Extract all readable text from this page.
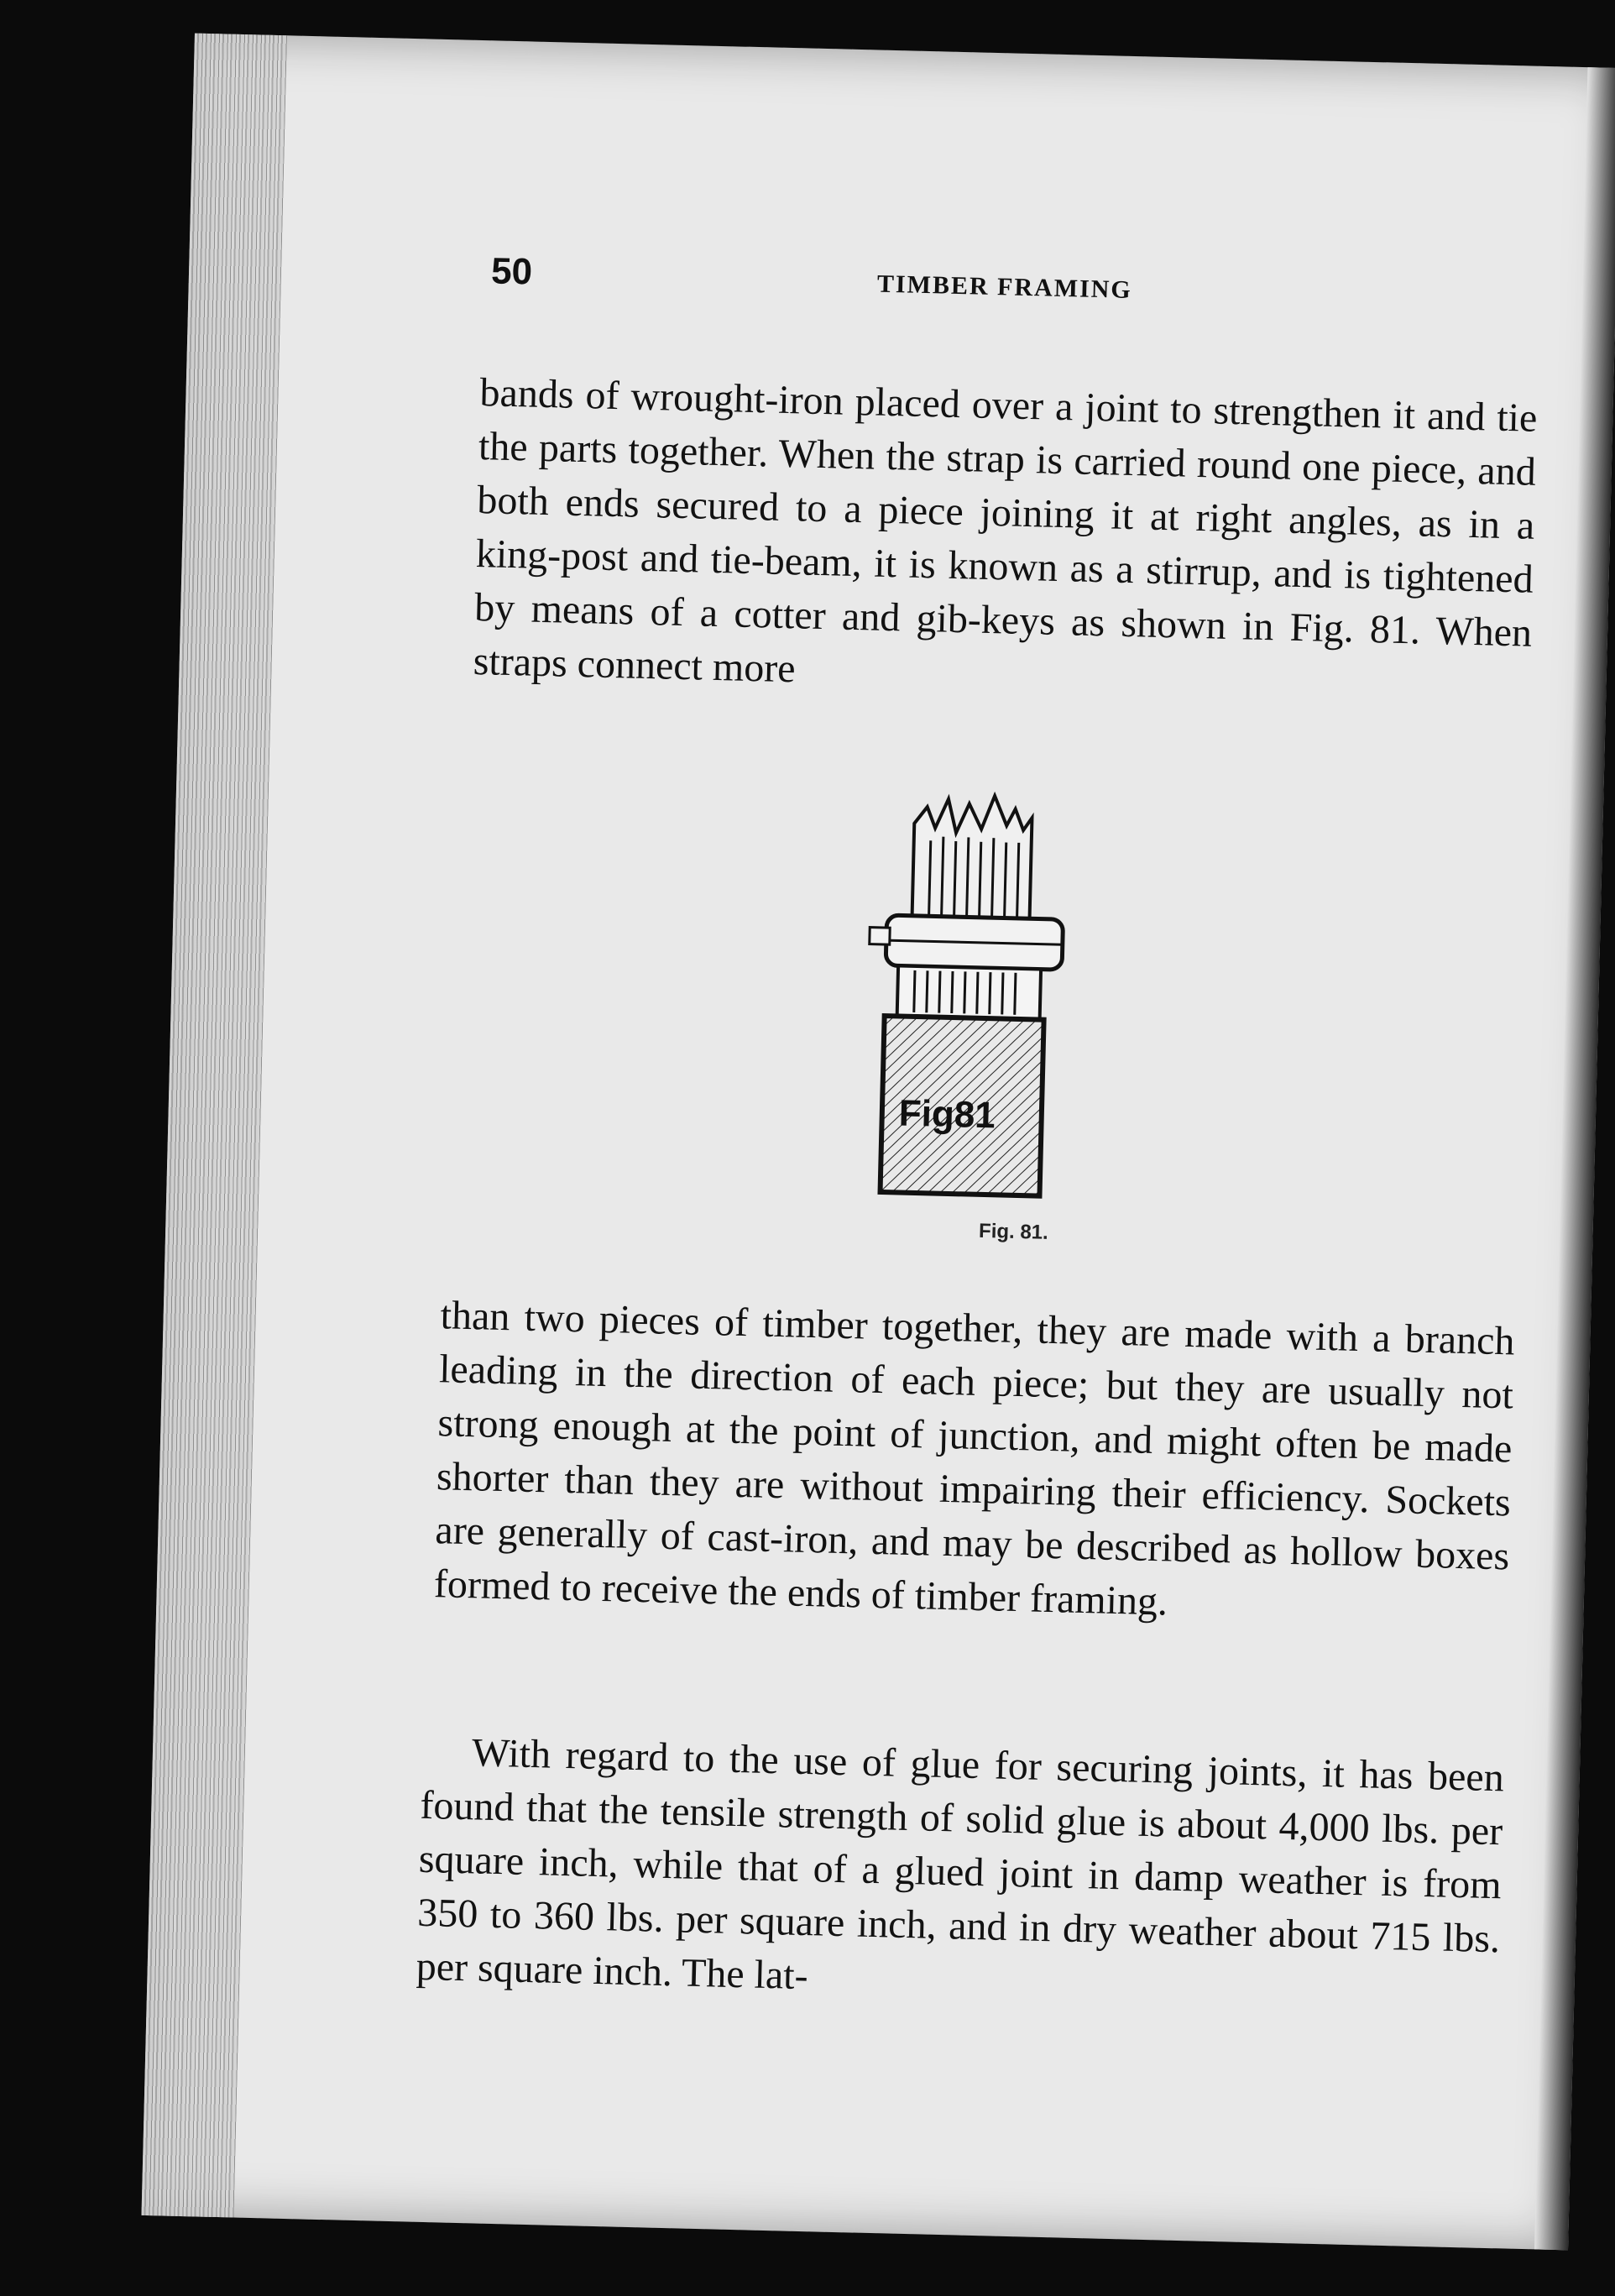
50	TIMBER FRAMING

bands of wrought-iron placed over a joint to strengthen it and tie the parts together. When the strap is carried round one piece, and both ends secured to a piece joining it at right angles, as in a king-post and tie-beam, it is known as a stirrup, and is tightened by means of a cotter and gib-keys as shown in Fig. 81. When straps connect more

Fig81
Fig. 81.

than two pieces of timber together, they are made with a branch leading in the direction of each piece; but they are usually not strong enough at the point of junction, and might often be made shorter than they are without impairing their efficiency. Sockets are generally of cast-iron, and may be described as hollow boxes formed to receive the ends of timber framing.

With regard to the use of glue for securing joints, it has been found that the tensile strength of solid glue is about 4,000 lbs. per square inch, while that of a glued joint in damp weather is from 350 to 360 lbs. per square inch, and in dry weather about 715 lbs. per square inch. The lat-
